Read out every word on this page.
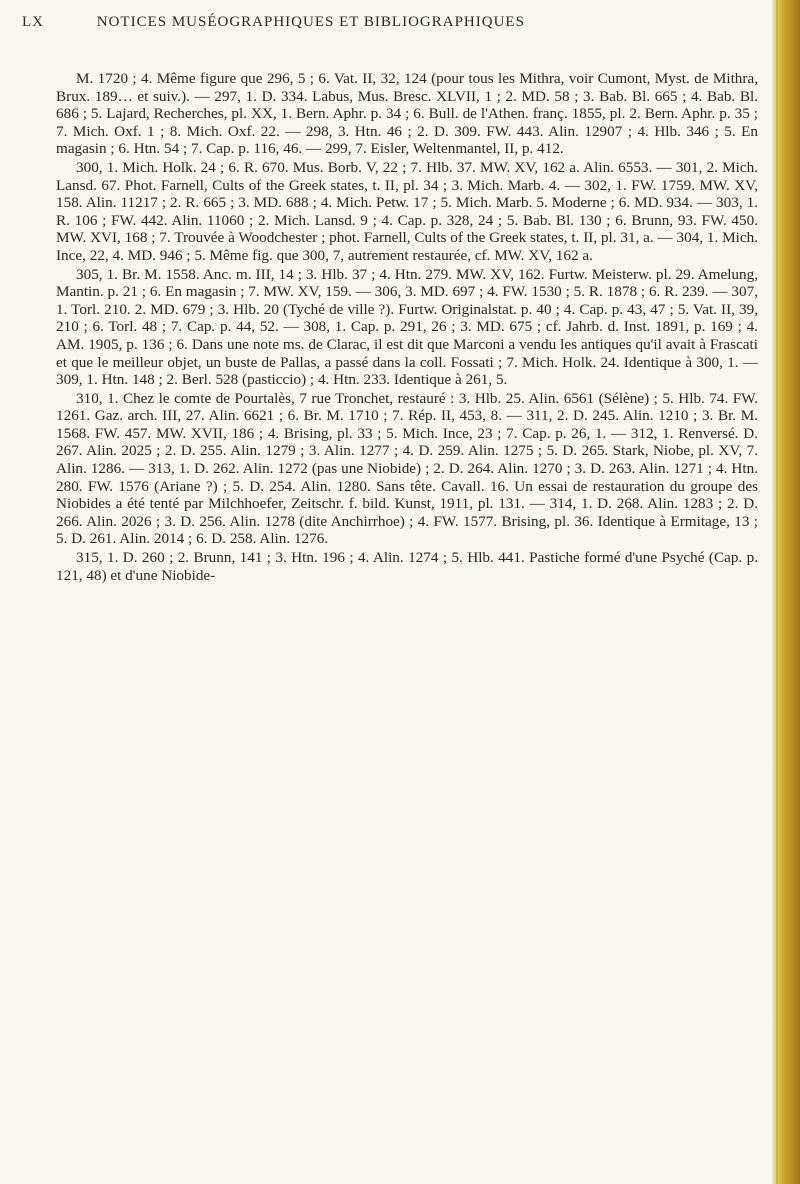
LX	NOTICES MUSÉOGRAPHIQUES ET BIBLIOGRAPHIQUES

M. 1720 ; 4. Même figure que 296, 5 ; 6. Vat. II, 32, 124 (pour tous les Mithra, voir Cumont, Myst. de Mithra, Brux. 189… et suiv.). — 297, 1. D. 334. Labus, Mus. Bresc. XLVII, 1 ; 2. MD. 58 ; 3. Bab. Bl. 665 ; 4. Bab. Bl. 686 ; 5. Lajard, Recherches, pl. XX, 1. Bern. Aphr. p. 34 ; 6. Bull. de l'Athen. franç. 1855, pl. 2. Bern. Aphr. p. 35 ; 7. Mich. Oxf. 1 ; 8. Mich. Oxf. 22. — 298, 3. Htn. 46 ; 2. D. 309. FW. 443. Alin. 12907 ; 4. Hlb. 346 ; 5. En magasin ; 6. Htn. 54 ; 7. Cap. p. 116, 46. — 299, 7. Eisler, Weltenmantel, II, p. 412.

300, 1. Mich. Holk. 24 ; 6. R. 670. Mus. Borb. V, 22 ; 7. Hlb. 37. MW. XV, 162 a. Alin. 6553. — 301, 2. Mich. Lansd. 67. Phot. Farnell, Cults of the Greek states, t. II, pl. 34 ; 3. Mich. Marb. 4. — 302, 1. FW. 1759. MW. XV, 158. Alin. 11217 ; 2. R. 665 ; 3. MD. 688 ; 4. Mich. Petw. 17 ; 5. Mich. Marb. 5. Moderne ; 6. MD. 934. — 303, 1. R. 106 ; FW. 442. Alin. 11060 ; 2. Mich. Lansd. 9 ; 4. Cap. p. 328, 24 ; 5. Bab. Bl. 130 ; 6. Brunn, 93. FW. 450. MW. XVI, 168 ; 7. Trouvée à Woodchester ; phot. Farnell, Cults of the Greek states, t. II, pl. 31, a. — 304, 1. Mich. Ince, 22, 4. MD. 946 ; 5. Même fig. que 300, 7, autrement restaurée, cf. MW. XV, 162 a.

305, 1. Br. M. 1558. Anc. m. III, 14 ; 3. Hlb. 37 ; 4. Htn. 279. MW. XV, 162. Furtw. Meisterw. pl. 29. Amelung, Mantin. p. 21 ; 6. En magasin ; 7. MW. XV, 159. — 306, 3. MD. 697 ; 4. FW. 1530 ; 5. R. 1878 ; 6. R. 239. — 307, 1. Torl. 210. 2. MD. 679 ; 3. Hlb. 20 (Tyché de ville ?). Furtw. Originalstat. p. 40 ; 4. Cap. p. 43, 47 ; 5. Vat. II, 39, 210 ; 6. Torl. 48 ; 7. Cap. p. 44, 52. — 308, 1. Cap. p. 291, 26 ; 3. MD. 675 ; cf. Jahrb. d. Inst. 1891, p. 169 ; 4. AM. 1905, p. 136 ; 6. Dans une note ms. de Clarac, il est dit que Marconi a vendu les antiques qu'il avait à Frascati et que le meilleur objet, un buste de Pallas, a passé dans la coll. Fossati ; 7. Mich. Holk. 24. Identique à 300, 1. — 309, 1. Htn. 148 ; 2. Berl. 528 (pasticcio) ; 4. Htn. 233. Identique à 261, 5.

310, 1. Chez le comte de Pourtalès, 7 rue Tronchet, restauré : 3. Hlb. 25. Alin. 6561 (Sélène) ; 5. Hlb. 74. FW. 1261. Gaz. arch. III, 27. Alin. 6621 ; 6. Br. M. 1710 ; 7. Rép. II, 453, 8. — 311, 2. D. 245. Alin. 1210 ; 3. Br. M. 1568. FW. 457. MW. XVII, 186 ; 4. Brising, pl. 33 ; 5. Mich. Ince, 23 ; 7. Cap. p. 26, 1. — 312, 1. Renversé. D. 267. Alin. 2025 ; 2. D. 255. Alin. 1279 ; 3. Alin. 1277 ; 4. D. 259. Alin. 1275 ; 5. D. 265. Stark, Niobe, pl. XV, 7. Alin. 1286. — 313, 1. D. 262. Alin. 1272 (pas une Niobide) ; 2. D. 264. Alin. 1270 ; 3. D. 263. Alin. 1271 ; 4. Htn. 280. FW. 1576 (Ariane ?) ; 5. D. 254. Alin. 1280. Sans tête. Cavall. 16. Un essai de restauration du groupe des Niobides a été tenté par Milchhoefer, Zeitschr. f. bild. Kunst, 1911, pl. 131. — 314, 1. D. 268. Alin. 1283 ; 2. D. 266. Alin. 2026 ; 3. D. 256. Alin. 1278 (dite Anchirrhoe) ; 4. FW. 1577. Brising, pl. 36. Identique à Ermitage, 13 ; 5. D. 261. Alin. 2014 ; 6. D. 258. Alin. 1276.

315, 1. D. 260 ; 2. Brunn, 141 ; 3. Htn. 196 ; 4. Alin. 1274 ; 5. Hlb. 441. Pastiche formé d'une Psyché (Cap. p. 121, 48) et d'une Niobide-
